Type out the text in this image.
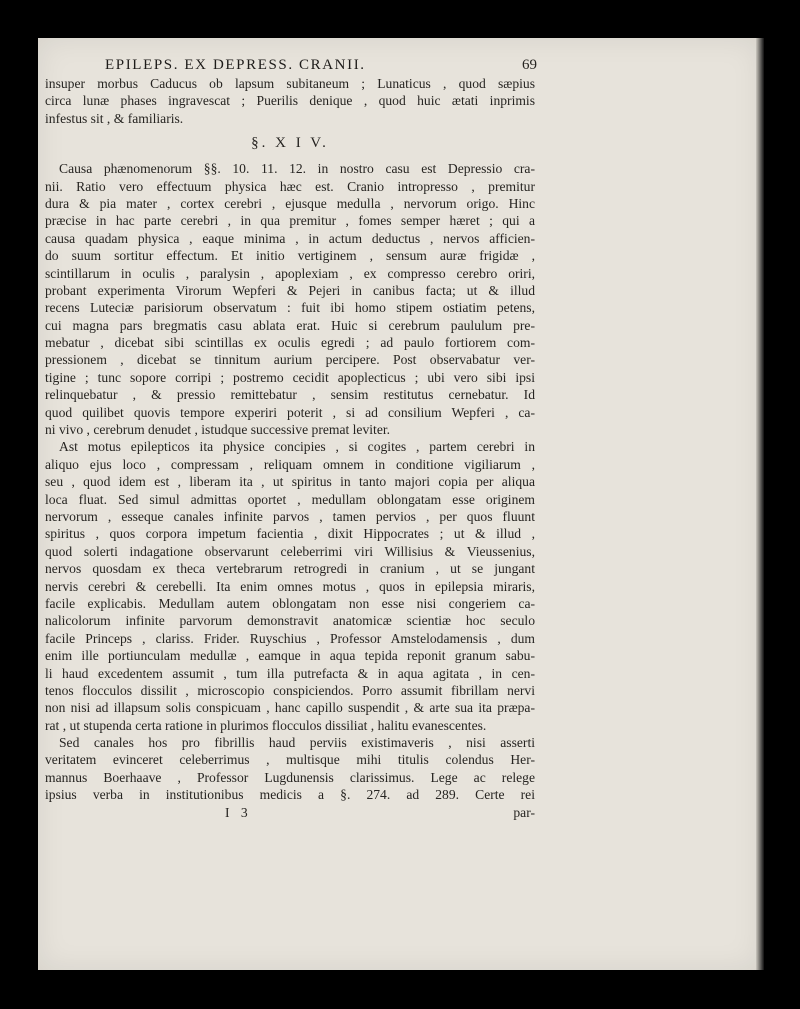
EPILEPS. EX DEPRESS. CRANII.	69
insuper morbus Caducus ob lapsum subitaneum ; Lunaticus , quod sæpius
circa lunæ phases ingravescat ; Puerilis denique , quod huic ætati inprimis
infestus sit , & familiaris.
§. X I V.
Causa phænomenorum §§. 10. 11. 12. in nostro casu est Depressio cra-
nii. Ratio vero effectuum physica hæc est. Cranio intropresso , premitur
dura & pia mater , cortex cerebri , ejusque medulla , nervorum origo. Hinc
præcise in hac parte cerebri , in qua premitur , fomes semper hæret ; qui a
causa quadam physica , eaque minima , in actum deductus , nervos afficien-
do suum sortitur effectum. Et initio vertiginem , sensum auræ frigidæ ,
scintillarum in oculis , paralysin , apoplexiam , ex compresso cerebro oriri,
probant experimenta Virorum Wepferi & Pejeri in canibus facta; ut & illud
recens Luteciæ parisiorum observatum : fuit ibi homo stipem ostiatim petens,
cui magna pars bregmatis casu ablata erat. Huic si cerebrum paululum pre-
mebatur , dicebat sibi scintillas ex oculis egredi ; ad paulo fortiorem com-
pressionem , dicebat se tinnitum aurium percipere. Post observabatur ver-
tigine ; tunc sopore corripi ; postremo cecidit apoplecticus ; ubi vero sibi ipsi
relinquebatur , & pressio remittebatur , sensim restitutus cernebatur. Id
quod quilibet quovis tempore experiri poterit , si ad consilium Wepferi , ca-
ni vivo , cerebrum denudet , istudque successive premat leviter.
Ast motus epilepticos ita physice concipies , si cogites , partem cerebri in
aliquo ejus loco , compressam , reliquam omnem in conditione vigiliarum ,
seu , quod idem est , liberam ita , ut spiritus in tanto majori copia per aliqua
loca fluat. Sed simul admittas oportet , medullam oblongatam esse originem
nervorum , esseque canales infinite parvos , tamen pervios , per quos fluunt
spiritus , quos corpora impetum facientia , dixit Hippocrates ; ut & illud ,
quod solerti indagatione observarunt celeberrimi viri Willisius & Vieussenius,
nervos quosdam ex theca vertebrarum retrogredi in cranium , ut se jungant
nervis cerebri & cerebelli. Ita enim omnes motus , quos in epilepsia miraris,
facile explicabis. Medullam autem oblongatam non esse nisi congeriem ca-
nalicolorum infinite parvorum demonstravit anatomicæ scientiæ hoc seculo
facile Princeps , clariss. Frider. Ruyschius , Professor Amstelodamensis , dum
enim ille portiunculam medullæ , eamque in aqua tepida reponit granum sabu-
li haud excedentem assumit , tum illa putrefacta & in aqua agitata , in cen-
tenos flocculos dissilit , microscopio conspiciendos. Porro assumit fibrillam nervi
non nisi ad illapsum solis conspicuam , hanc capillo suspendit , & arte sua ita præpa-
rat , ut stupenda certa ratione in plurimos flocculos dissiliat , halitu evanescentes.
Sed canales hos pro fibrillis haud perviis existimaveris , nisi asserti
veritatem evinceret celeberrimus , multisque mihi titulis colendus Her-
mannus Boerhaave , Professor Lugdunensis clarissimus. Lege ac relege
ipsius verba in institutionibus medicis a §. 274. ad 289. Certe rei
I 3	par-
